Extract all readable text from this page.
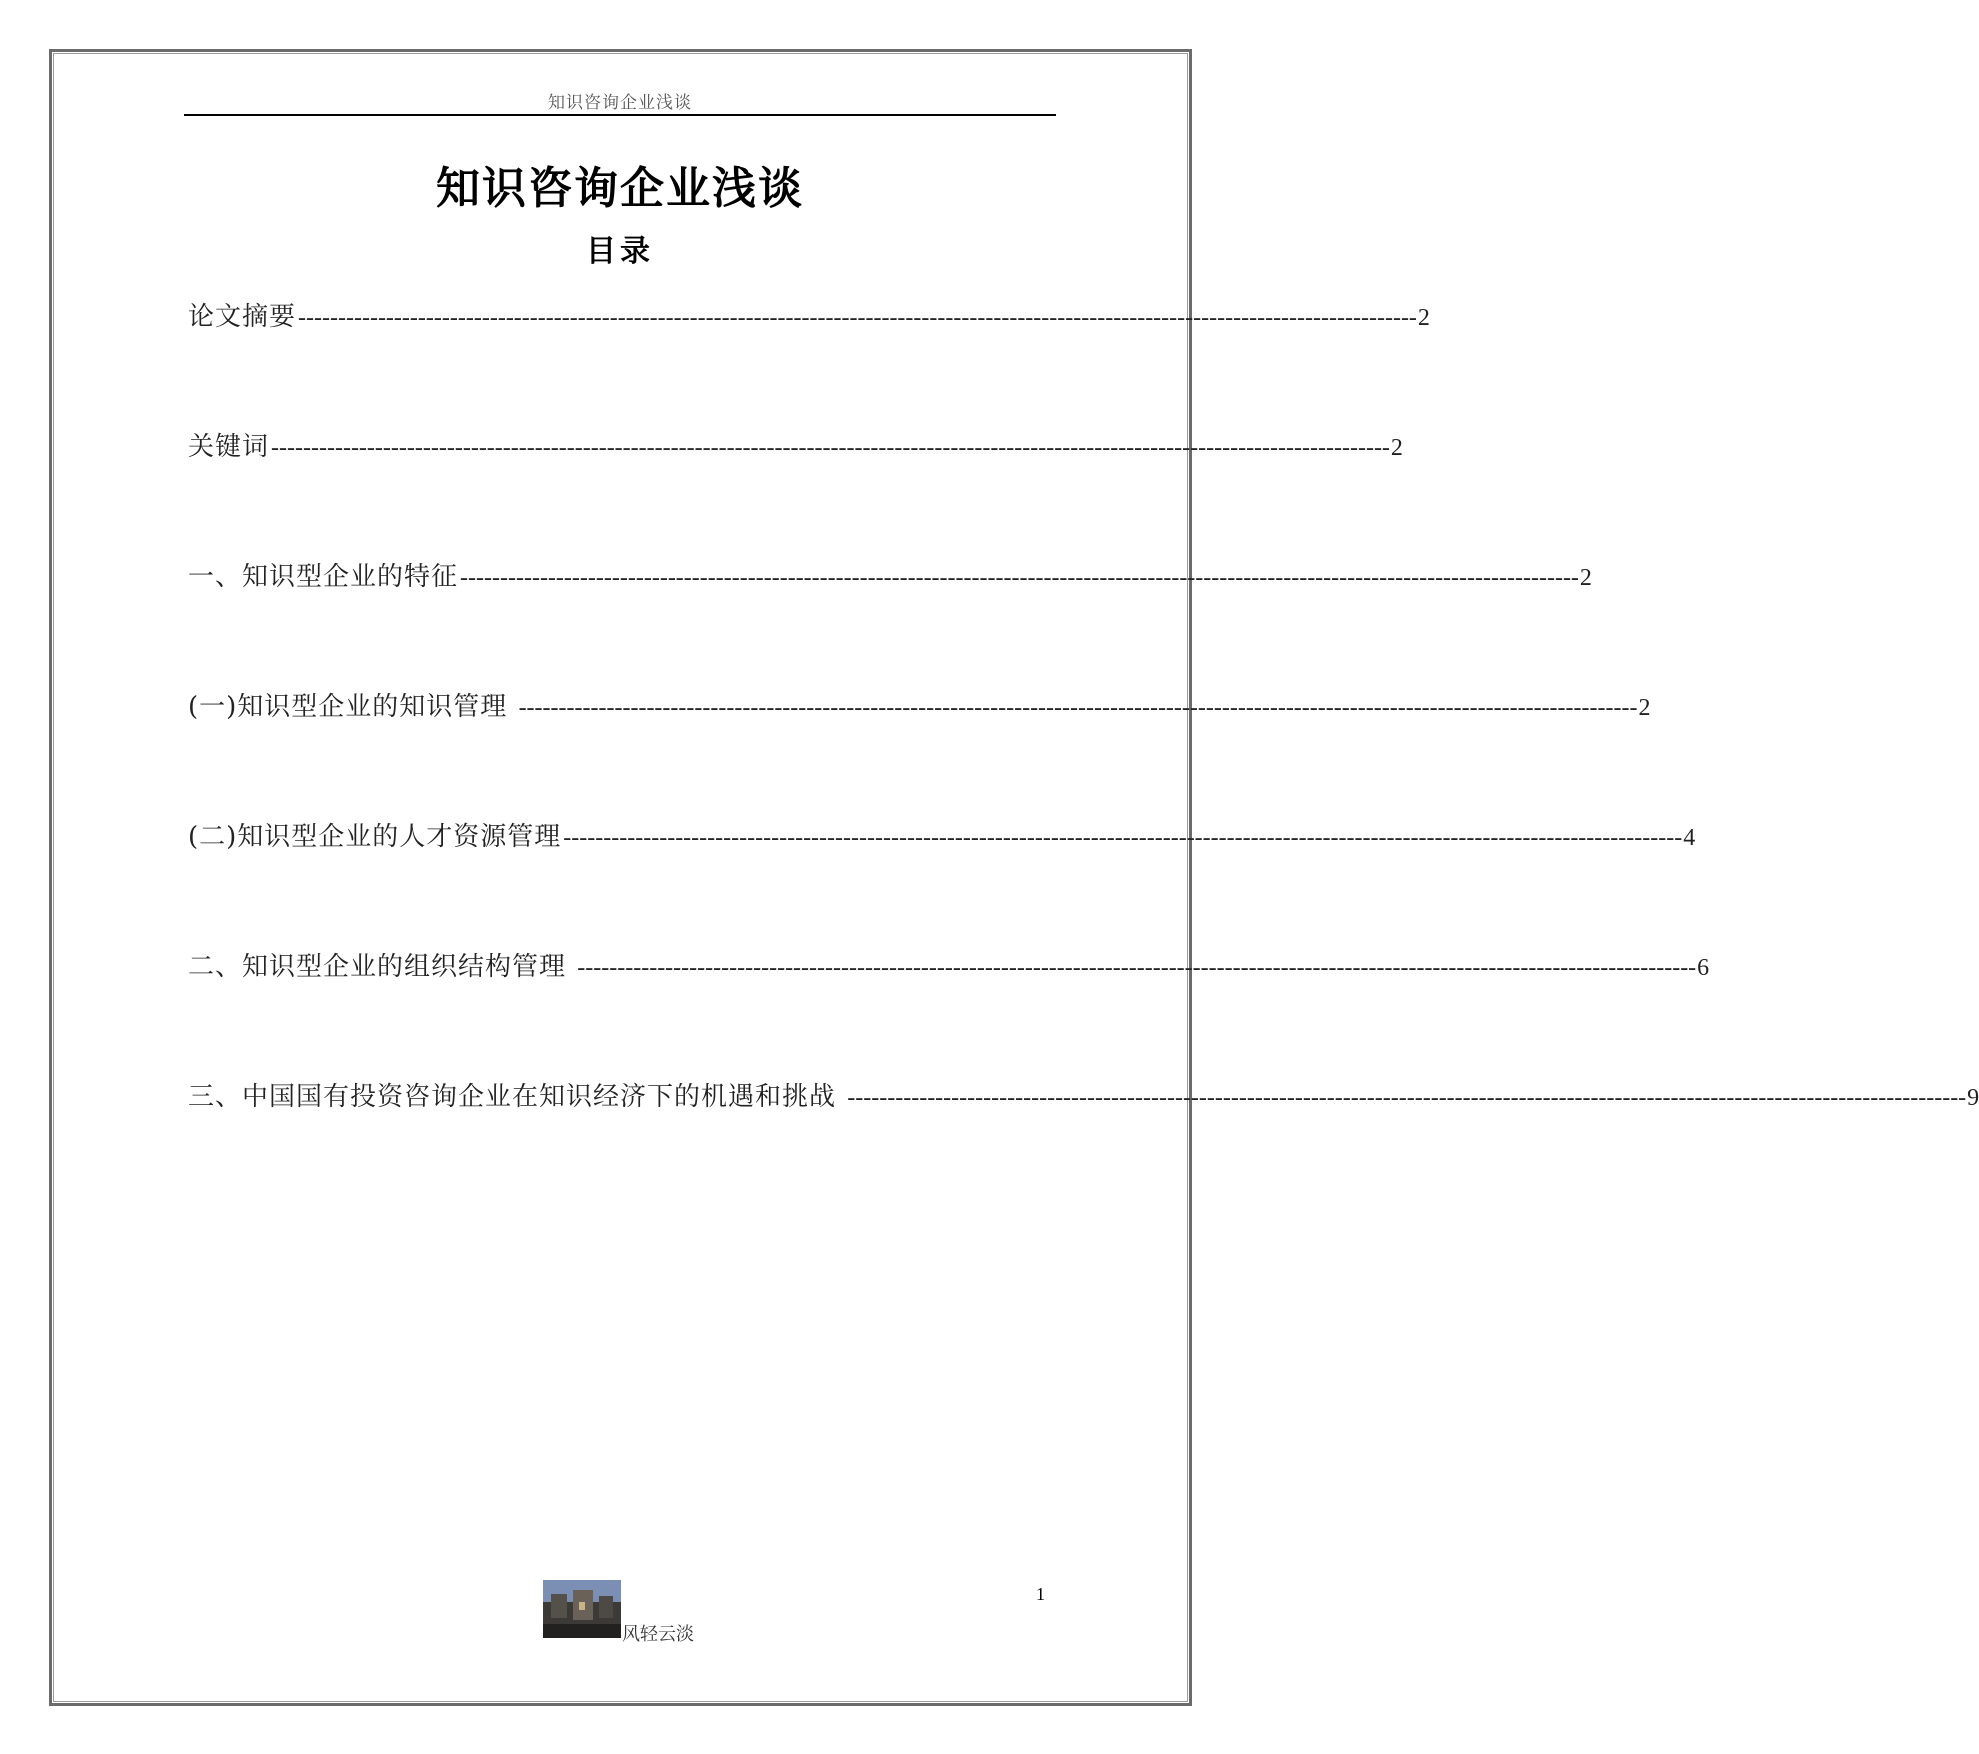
知识咨询企业浅谈
知识咨询企业浅谈
目录
论文摘要 -------------------------------------------------------------------------------------------------------------------------------------------- 2
关键词 -------------------------------------------------------------------------------------------------------------------------------------------- 2
一、知识型企业的特征 -------------------------------------------------------------------------------------------------------------------------------------------- 2
(一)知识型企业的知识管理 -------------------------------------------------------------------------------------------------------------------------------------------- 2
(二)知识型企业的人才资源管理 -------------------------------------------------------------------------------------------------------------------------------------------- 4
二、知识型企业的组织结构管理 -------------------------------------------------------------------------------------------------------------------------------------------- 6
三、中国国有投资咨询企业在知识经济下的机遇和挑战 -------------------------------------------------------------------------------------------------------------------------------------------- 9
1
风轻云淡
